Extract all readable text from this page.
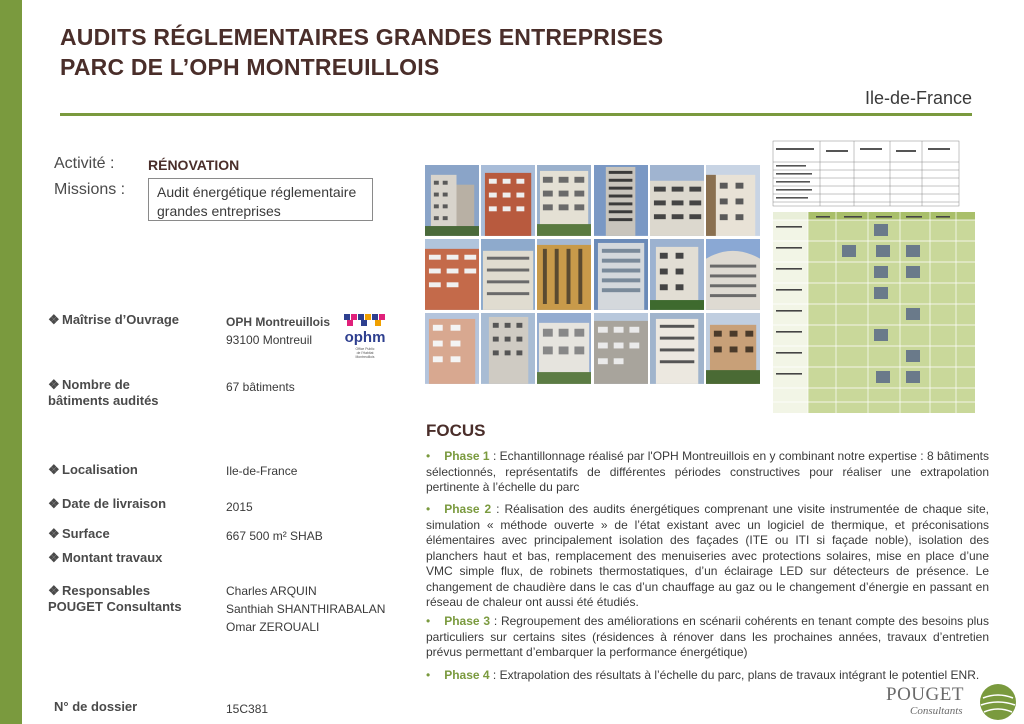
AUDITS RÉGLEMENTAIRES GRANDES ENTREPRISES
PARC DE L’OPH MONTREUILLOIS
Ile-de-France
Activité : RÉNOVATION
Missions : Audit énergétique réglementaire
grandes entreprises
❖ Maîtrise d’Ouvrage	OPH Montreuillois
93100 Montreuil ophm
Office Public
de l'Habitat
Montreuillois
❖ Nombre de
bâtiments audités
67 bâtiments
❖ Localisation	Ile-de-France
❖ Date de livraison	2015
❖ Surface	667 500 m² SHAB
❖ Montant travaux
❖ Responsables
POUGET Consultants
Charles ARQUIN
Santhiah SHANTHIRABALAN
Omar ZEROUALI
N° de dossier	15C381
FOCUS
• Phase 1 : Echantillonnage réalisé par l'OPH Montreuillois en y combinant notre expertise : 8 bâtiments sélectionnés, représentatifs de différentes périodes constructives pour réaliser une extrapolation pertinente à l’échelle du parc
• Phase 2 : Réalisation des audits énergétiques comprenant une visite instrumentée de chaque site, simulation « méthode ouverte » de l’état existant avec un logiciel de thermique, et préconisations élémentaires avec principalement isolation des façades (ITE ou ITI si façade noble), isolation des planchers haut et bas, remplacement des menuiseries avec protections solaires, mise en place d’une VMC simple flux, de robinets thermostatiques, d’un éclairage LED sur détecteurs de présence. Le changement de chaudière dans le cas d’un chauffage au gaz ou le changement d’énergie en passant en réseau de chaleur ont aussi été étudiés.
• Phase 3 : Regroupement des améliorations en scénarii cohérents en tenant compte des besoins plus particuliers sur certains sites (résidences à rénover dans les prochaines années, travaux d’entretien prévus permettant d’embarquer la performance énergétique)
• Phase 4 : Extrapolation des résultats à l’échelle du parc, plans de travaux intégrant le potentiel ENR.
POUGET
Consultants
